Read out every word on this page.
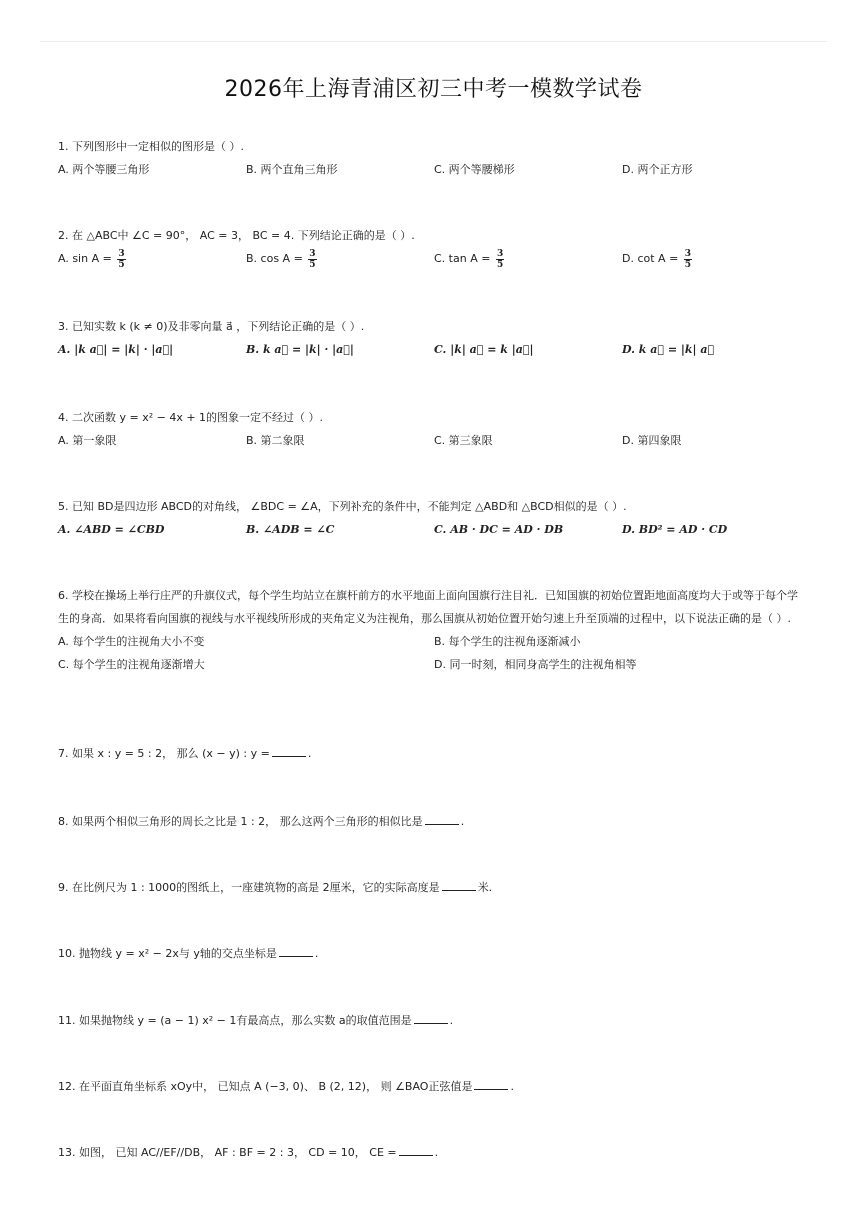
2026年上海青浦区初三中考一模数学试卷
1. 下列图形中一定相似的图形是（ ）.
A. 两个等腰三角形	B. 两个直角三角形	C. 两个等腰梯形	D. 两个正方形
2. 在 △ABC中 ∠C = 90°， AC = 3， BC = 4. 下列结论正确的是（ ）.
A. $\sin A = \frac{3}{5}$	B. $\cos A = \frac{3}{5}$	C. $\tan A = \frac{3}{5}$	D. $\cot A = \frac{3}{5}$
3. 已知实数 k (k ≠ 0)及非零向量 a⃗ ，下列结论正确的是（ ）.
A. |k a⃗| = |k| · |a⃗|	B. k a⃗ = |k| · |a⃗|	C. |k| a⃗ = k |a⃗|	D. k a⃗ = |k| a⃗
4. 二次函数 y = x² − 4x + 1的图象一定不经过（ ）.
A. 第一象限	B. 第二象限	C. 第三象限	D. 第四象限
5. 已知 BD是四边形 ABCD的对角线， ∠BDC = ∠A，下列补充的条件中，不能判定 △ABD和 △BCD相似的是（ ）.
A. ∠ABD = ∠CBD	B. ∠ADB = ∠C	C. AB · DC = AD · DB	D. BD² = AD · CD
6. 学校在操场上举行庄严的升旗仪式，每个学生均站立在旗杆前方的水平地面上面向国旗行注目礼．已知国旗的初始位置距地面高度均大于或等于每个学生的身高．如果将看向国旗的视线与水平视线所形成的夹角定义为注视角，那么国旗从初始位置开始匀速上升至顶端的过程中，以下说法正确的是（ ）.
A. 每个学生的注视角大小不变	B. 每个学生的注视角逐渐减小
C. 每个学生的注视角逐渐增大	D. 同一时刻，相同身高学生的注视角相等
7. 如果 x : y = 5 : 2， 那么 (x − y) : y =	.
8. 如果两个相似三角形的周长之比是 1 : 2， 那么这两个三角形的相似比是	.
9. 在比例尺为 1 : 1000的图纸上，一座建筑物的高是 2厘米，它的实际高度是	米.
10. 抛物线 y = x² − 2x与 y轴的交点坐标是	.
11. 如果抛物线 y = (a − 1) x² − 1有最高点，那么实数 a的取值范围是	.
12. 在平面直角坐标系 xOy中， 已知点 A (−3, 0)、 B (2, 12)， 则 ∠BAO正弦值是	.
13. 如图， 已知 AC//EF//DB， AF : BF = 2 : 3， CD = 10， CE =	.
